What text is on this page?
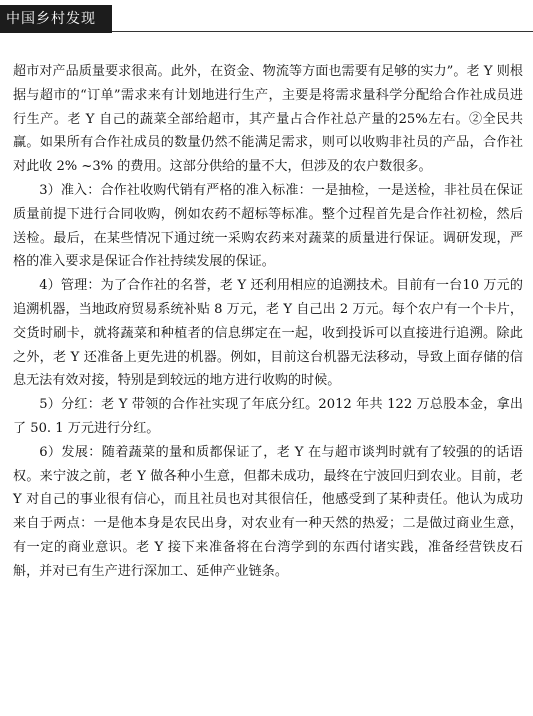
中国乡村发现

超市对产品质量要求很高。此外，在资金、物流等方面也需要有足够的实力”。老 Y 则根据与超市的“订单”需求来有计划地进行生产，主要是将需求量科学分配给合作社成员进行生产。老 Y 自己的蔬菜全部给超市，其产量占合作社总产量的25%左右。②全民共赢。如果所有合作社成员的数量仍然不能满足需求，则可以收购非社员的产品，合作社对此收 2% ~3% 的费用。这部分供给的量不大，但涉及的农户数很多。

3）准入：合作社收购代销有严格的准入标准：一是抽检，一是送检，非社员在保证质量前提下进行合同收购，例如农药不超标等标准。整个过程首先是合作社初检，然后送检。最后，在某些情况下通过统一采购农药来对蔬菜的质量进行保证。调研发现，严格的准入要求是保证合作社持续发展的保证。

4）管理：为了合作社的名誉，老 Y 还利用相应的追溯技术。目前有一台10 万元的追溯机器，当地政府贸易系统补贴 8 万元，老 Y 自己出 2 万元。每个农户有一个卡片，交货时刷卡，就将蔬菜和种植者的信息绑定在一起，收到投诉可以直接进行追溯。除此之外，老 Y 还准备上更先进的机器。例如，目前这台机器无法移动，导致上面存储的信息无法有效对接，特别是到较远的地方进行收购的时候。

5）分红：老 Y 带领的合作社实现了年底分红。2012 年共 122 万总股本金，拿出了 50. 1 万元进行分红。

6）发展：随着蔬菜的量和质都保证了，老 Y 在与超市谈判时就有了较强的的话语权。来宁波之前，老 Y 做各种小生意，但都未成功，最终在宁波回归到农业。目前，老 Y 对自己的事业很有信心，而且社员也对其很信任，他感受到了某种责任。他认为成功来自于两点：一是他本身是农民出身，对农业有一种天然的热爱；二是做过商业生意，有一定的商业意识。老 Y 接下来准备将在台湾学到的东西付诸实践，准备经营铁皮石斛，并对已有生产进行深加工、延伸产业链条。
